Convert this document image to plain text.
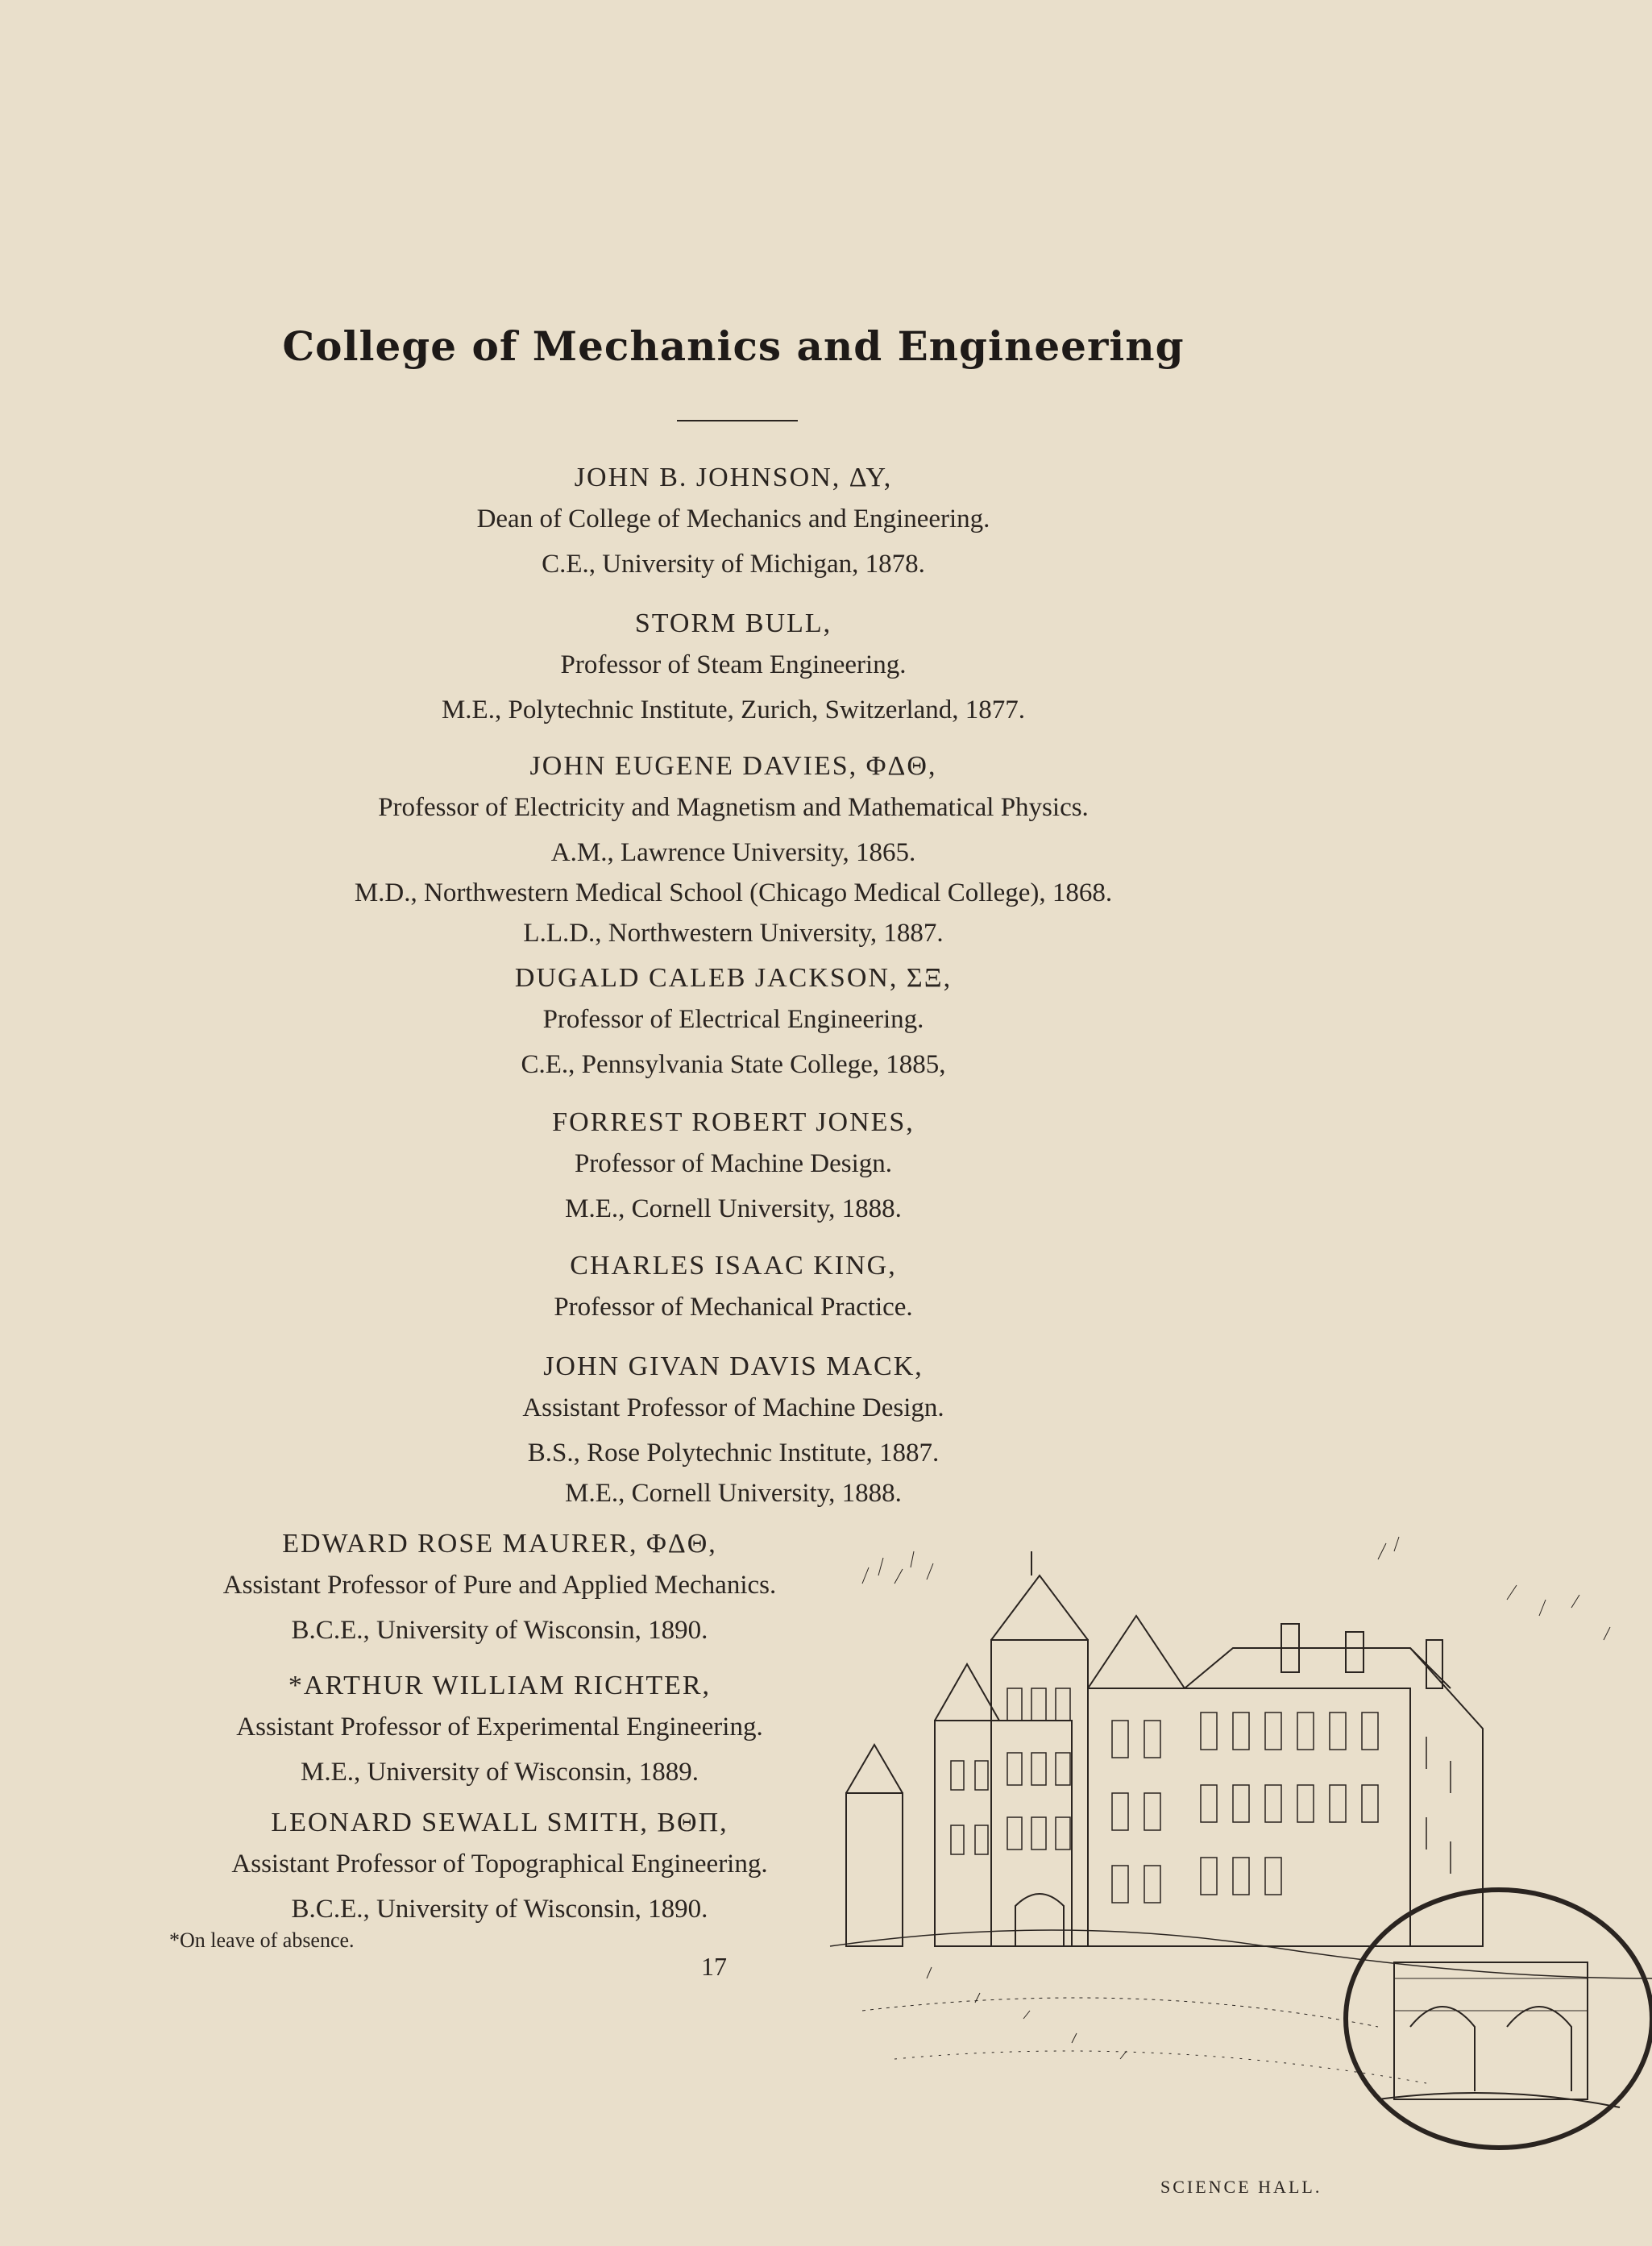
College of Mechanics and Engineering
JOHN B. JOHNSON, ΔΥ,
Dean of College of Mechanics and Engineering.
C.E., University of Michigan, 1878.
STORM BULL,
Professor of Steam Engineering.
M.E., Polytechnic Institute, Zurich, Switzerland, 1877.
JOHN EUGENE DAVIES, ΦΔΘ,
Professor of Electricity and Magnetism and Mathematical Physics.
A.M., Lawrence University, 1865.
M.D., Northwestern Medical School (Chicago Medical College), 1868.
L.L.D., Northwestern University, 1887.
DUGALD CALEB JACKSON, ΣΞ,
Professor of Electrical Engineering.
C.E., Pennsylvania State College, 1885,
FORREST ROBERT JONES,
Professor of Machine Design.
M.E., Cornell University, 1888.
CHARLES ISAAC KING,
Professor of Mechanical Practice.
JOHN GIVAN DAVIS MACK,
Assistant Professor of Machine Design.
B.S., Rose Polytechnic Institute, 1887.
M.E., Cornell University, 1888.
EDWARD ROSE MAURER, ΦΔΘ,
Assistant Professor of Pure and Applied Mechanics.
B.C.E., University of Wisconsin, 1890.
*ARTHUR WILLIAM RICHTER,
Assistant Professor of Experimental Engineering.
M.E., University of Wisconsin, 1889.
LEONARD SEWALL SMITH, ΒΘΠ,
Assistant Professor of Topographical Engineering.
B.C.E., University of Wisconsin, 1890.
*On leave of absence.
17
SCIENCE HALL.
